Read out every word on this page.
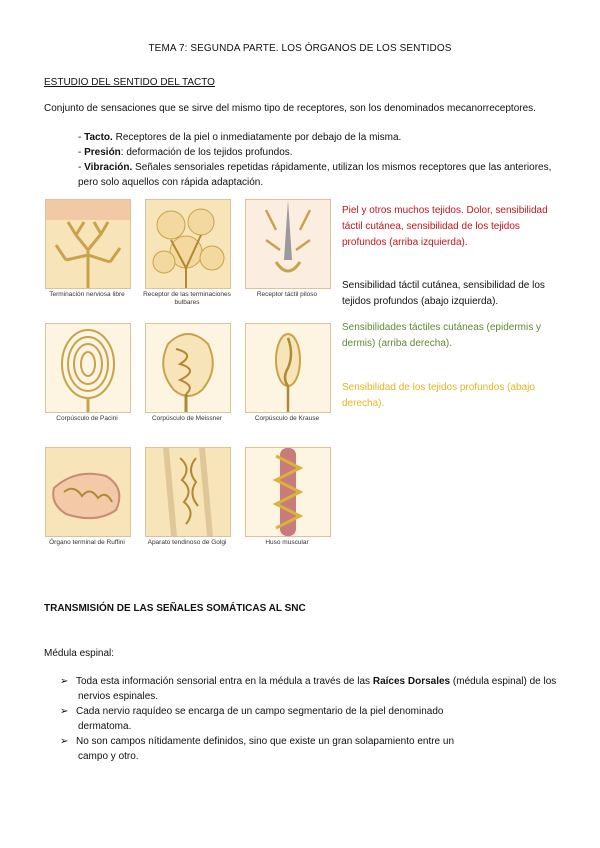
TEMA 7: SEGUNDA PARTE. LOS ÓRGANOS DE LOS SENTIDOS
ESTUDIO DEL SENTIDO DEL TACTO
Conjunto de sensaciones que se sirve del mismo tipo de receptores, son los denominados mecanorreceptores.
- Tacto. Receptores de la piel o inmediatamente por debajo de la misma.
- Presión: deformación de los tejidos profundos.
- Vibración. Señales sensoriales repetidas rápidamente, utilizan los mismos receptores que las anteriores,
pero solo aquellos con rápida adaptación.
Terminación nerviosa libre	Receptor de las terminaciones bulbares
Receptor táctil piloso
Corpúsculo de Pacini	Corpúsculo de Meissner	Corpúsculo de Krause
Órgano terminal de Ruffini	Aparato tendinoso de Golgi	Huso muscular

Piel y otros muchos tejidos. Dolor, sensibilidad táctil cutánea, sensibilidad de los tejidos profundos (arriba izquierda).

Sensibilidad táctil cutánea, sensibilidad de los tejidos profundos (abajo izquierda).

Sensibilidades táctiles cutáneas (epidermis y dermis) (arriba derecha).

Sensibilidad de los tejidos profundos (abajo derecha).

TRANSMISIÓN DE LAS SEÑALES SOMÁTICAS AL SNC
Médula espinal:
➢ Toda esta información sensorial entra en la médula a través de las Raíces Dorsales (médula espinal) de los
nervios espinales.
➢ Cada nervio raquídeo se encarga de un campo segmentario de la piel denominado
dermatoma.
➢ No son campos nítidamente definidos, sino que existe un gran solapamiento entre un
campo y otro.
